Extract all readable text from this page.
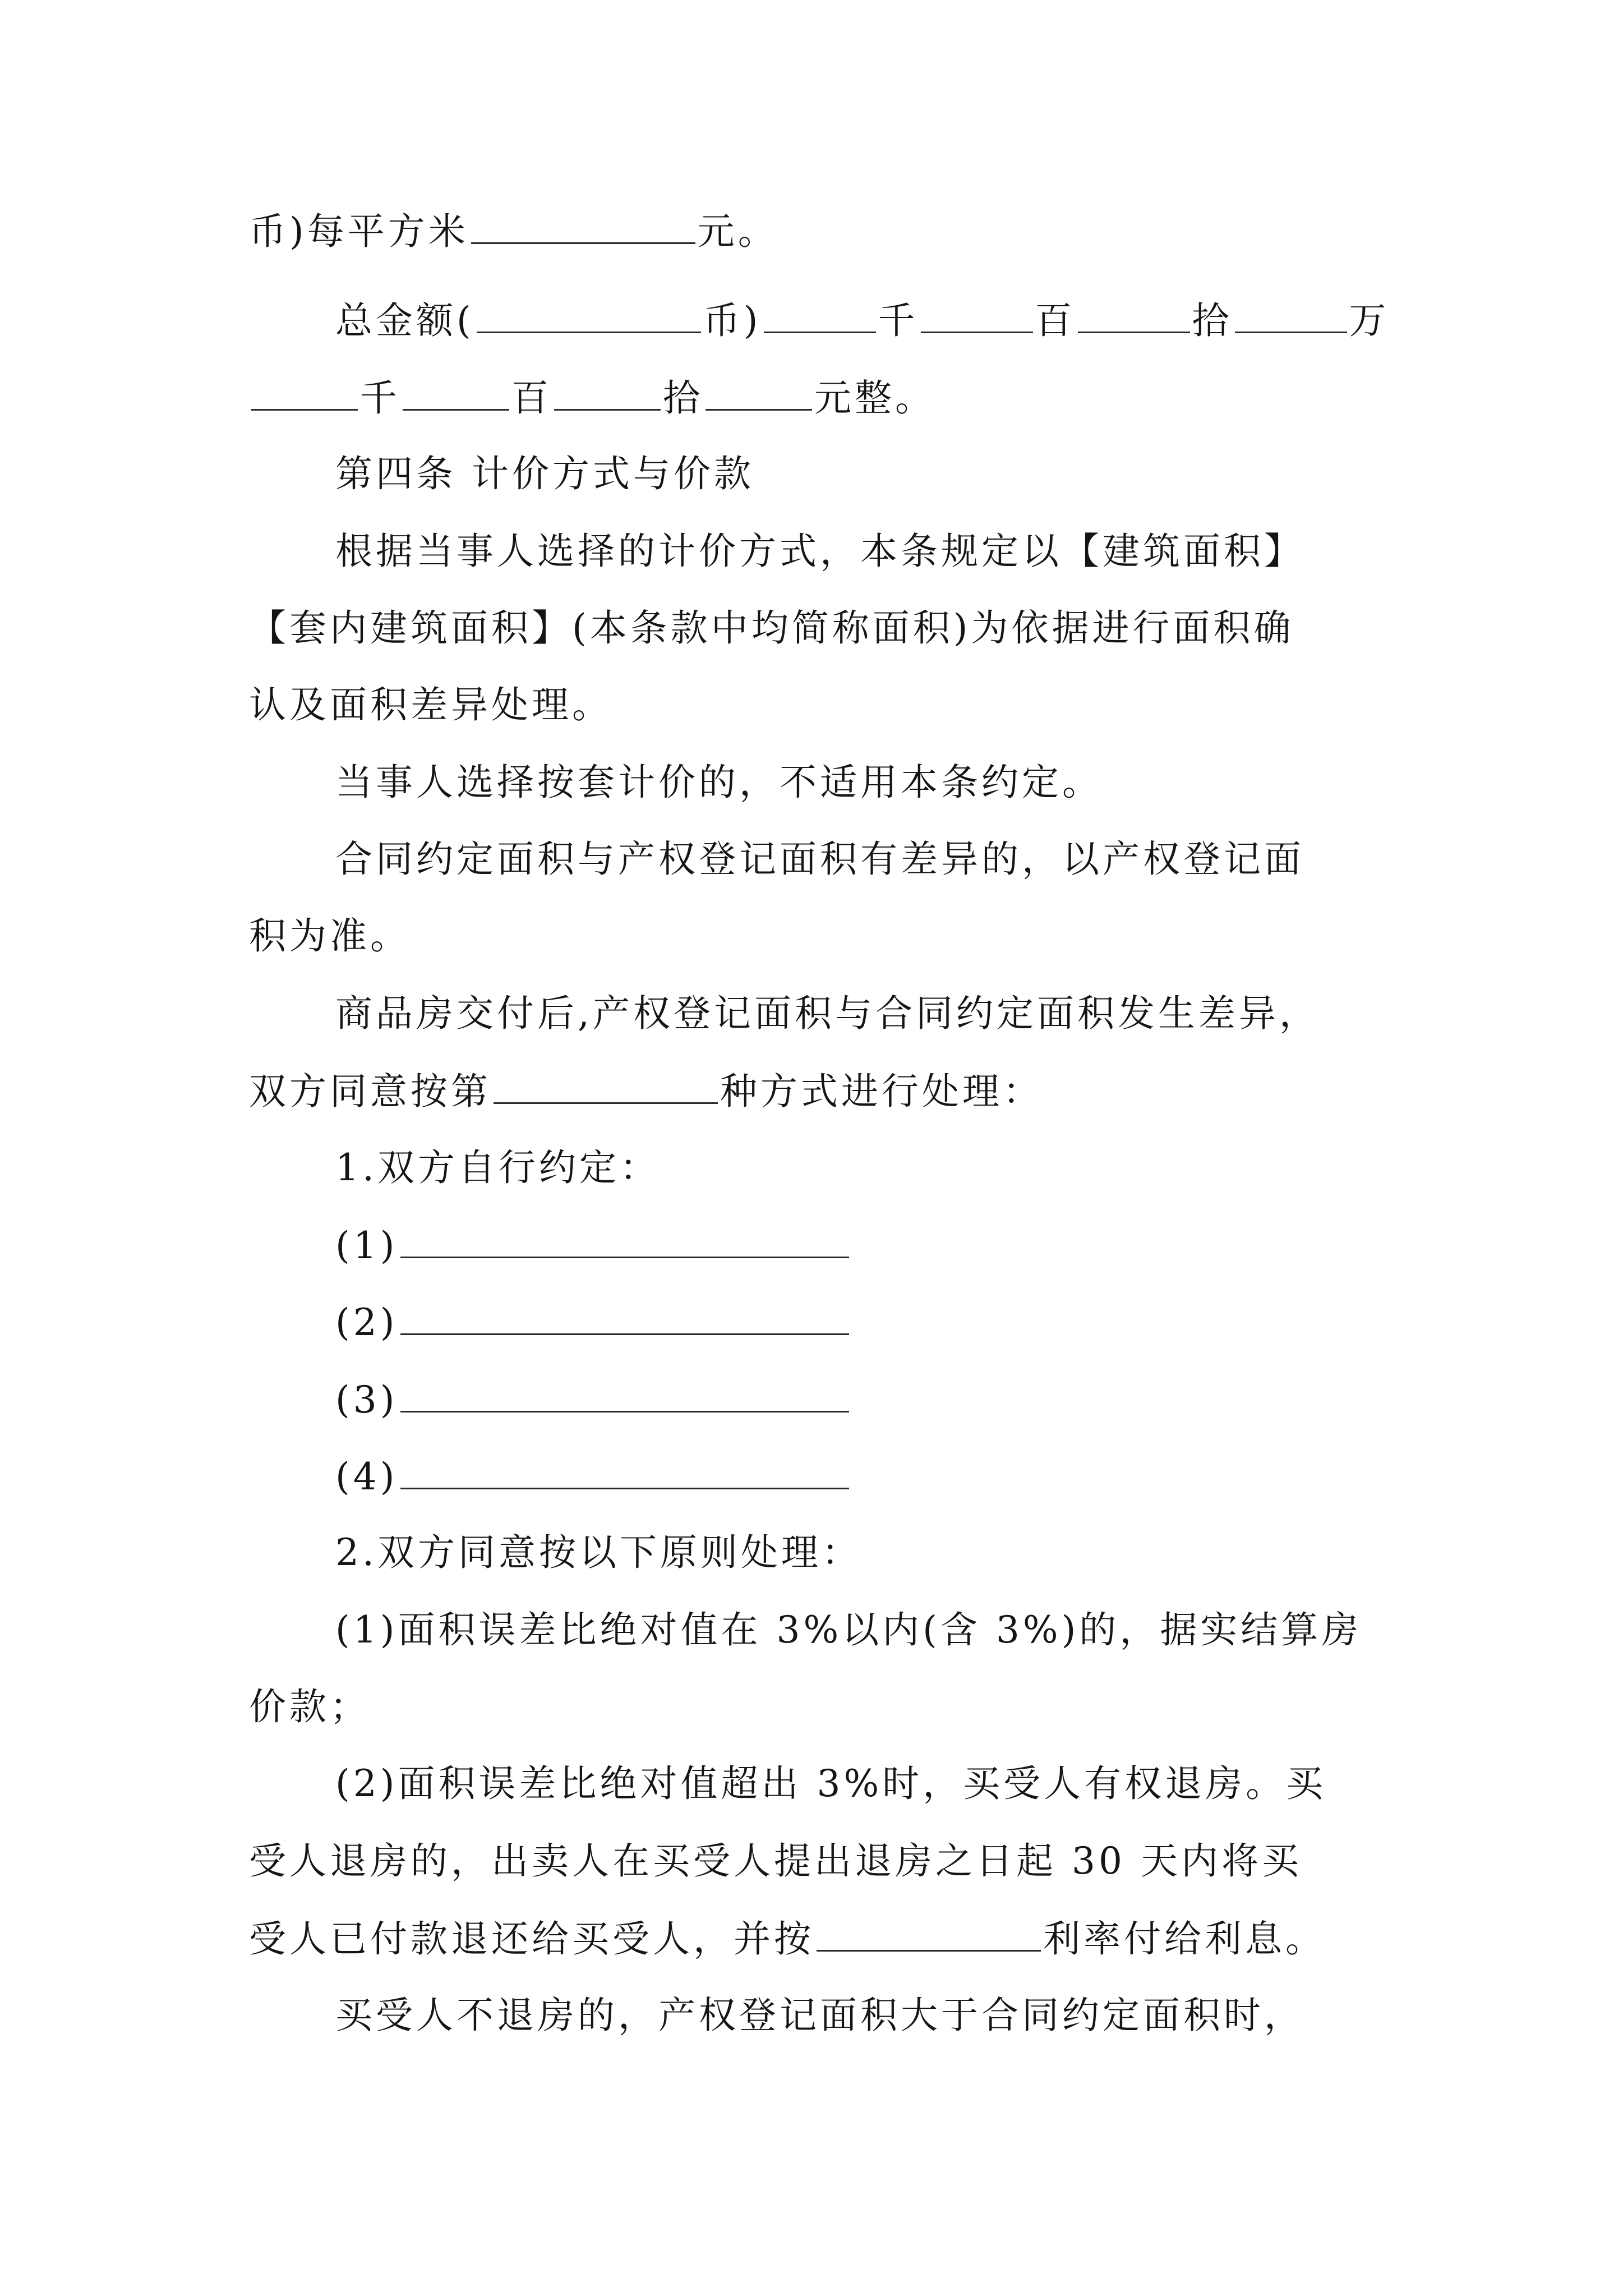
币)每平方米	元。
总金额(	币)	千	百	拾	万
千	百	拾	元整。
第四条 计价方式与价款
根据当事人选择的计价方式，本条规定以【建筑面积】
【套内建筑面积】(本条款中均简称面积)为依据进行面积确
认及面积差异处理。
当事人选择按套计价的，不适用本条约定。
合同约定面积与产权登记面积有差异的，以产权登记面
积为准。
商品房交付后,产权登记面积与合同约定面积发生差异，
双方同意按第	种方式进行处理：
1.双方自行约定：
(1)
(2)
(3)
(4)
2.双方同意按以下原则处理：
(1)面积误差比绝对值在 3%以内(含 3%)的，据实结算房
价款；
(2)面积误差比绝对值超出 3%时，买受人有权退房。买
受人退房的，出卖人在买受人提出退房之日起 30 天内将买
受人已付款退还给买受人，并按	利率付给利息。
买受人不退房的，产权登记面积大于合同约定面积时，
